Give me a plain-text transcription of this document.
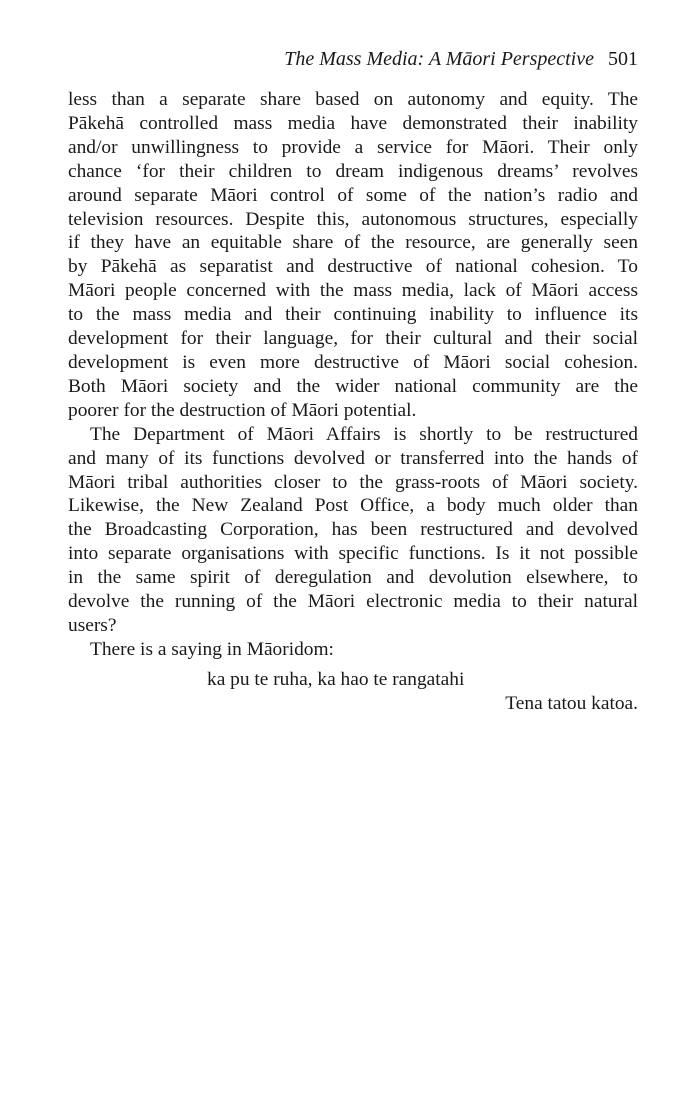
The Mass Media: A Māori Perspective 501

less than a separate share based on autonomy and equity. The
Pākehā controlled mass media have demonstrated their inability
and/or unwillingness to provide a service for Māori. Their only
chance ‘for their children to dream indigenous dreams’ revolves
around separate Māori control of some of the nation’s radio and
television resources. Despite this, autonomous structures, especially
if they have an equitable share of the resource, are generally seen
by Pākehā as separatist and destructive of national cohesion. To
Māori people concerned with the mass media, lack of Māori access
to the mass media and their continuing inability to influence its
development for their language, for their cultural and their social
development is even more destructive of Māori social cohesion.
Both Māori society and the wider national community are the
poorer for the destruction of Māori potential.

The Department of Māori Affairs is shortly to be restructured
and many of its functions devolved or transferred into the hands of
Māori tribal authorities closer to the grass-roots of Māori society.
Likewise, the New Zealand Post Office, a body much older than
the Broadcasting Corporation, has been restructured and devolved
into separate organisations with specific functions. Is it not possible
in the same spirit of deregulation and devolution elsewhere, to
devolve the running of the Māori electronic media to their natural
users?

There is a saying in Māoridom:

ka pu te ruha, ka hao te rangatahi

Tena tatou katoa.
